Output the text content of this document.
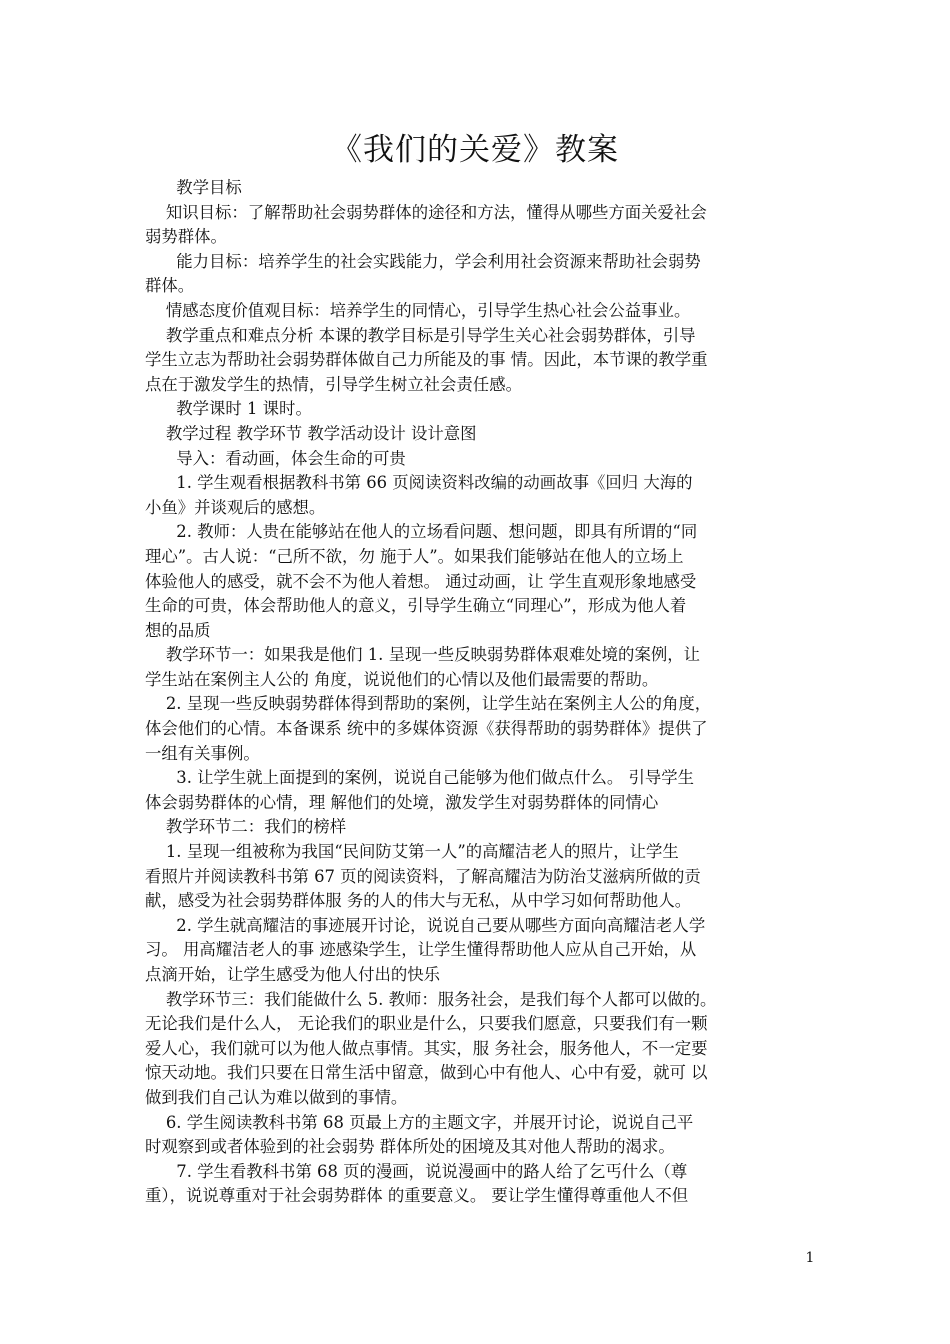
《我们的关爱》教案
教学目标
知识目标：了解帮助社会弱势群体的途径和方法，懂得从哪些方面关爱社会
弱势群体。
能力目标：培养学生的社会实践能力，学会利用社会资源来帮助社会弱势
群体。
情感态度价值观目标：培养学生的同情心，引导学生热心社会公益事业。
教学重点和难点分析 本课的教学目标是引导学生关心社会弱势群体，引导
学生立志为帮助社会弱势群体做自己力所能及的事 情。因此，本节课的教学重
点在于激发学生的热情，引导学生树立社会责任感。
教学课时 1 课时。
教学过程 教学环节 教学活动设计 设计意图
导入：看动画，体会生命的可贵
1. 学生观看根据教科书第 66 页阅读资料改编的动画故事《回归 大海的
小鱼》并谈观后的感想。
2. 教师：人贵在能够站在他人的立场看问题、想问题，即具有所谓的“同
理心”。古人说：“己所不欲，勿 施于人”。如果我们能够站在他人的立场上
体验他人的感受，就不会不为他人着想。 通过动画，让 学生直观形象地感受
生命的可贵，体会帮助他人的意义，引导学生确立“同理心”，形成为他人着
想的品质
教学环节一：如果我是他们 1. 呈现一些反映弱势群体艰难处境的案例，让
学生站在案例主人公的 角度，说说他们的心情以及他们最需要的帮助。
2. 呈现一些反映弱势群体得到帮助的案例，让学生站在案例主人公的角度，
体会他们的心情。本备课系 统中的多媒体资源《获得帮助的弱势群体》提供了
一组有关事例。
3. 让学生就上面提到的案例，说说自己能够为他们做点什么。 引导学生
体会弱势群体的心情，理 解他们的处境，激发学生对弱势群体的同情心
教学环节二：我们的榜样
1. 呈现一组被称为我国“民间防艾第一人”的高耀洁老人的照片，让学生
看照片并阅读教科书第 67 页的阅读资料，了解高耀洁为防治艾滋病所做的贡
献，感受为社会弱势群体服 务的人的伟大与无私，从中学习如何帮助他人。
2. 学生就高耀洁的事迹展开讨论，说说自己要从哪些方面向高耀洁老人学
习。 用高耀洁老人的事 迹感染学生，让学生懂得帮助他人应从自己开始，从
点滴开始，让学生感受为他人付出的快乐
教学环节三：我们能做什么 5. 教师：服务社会，是我们每个人都可以做的。
无论我们是什么人， 无论我们的职业是什么，只要我们愿意，只要我们有一颗
爱人心，我们就可以为他人做点事情。其实，服 务社会，服务他人，不一定要
惊天动地。我们只要在日常生活中留意，做到心中有他人、心中有爱，就可 以
做到我们自己认为难以做到的事情。
6. 学生阅读教科书第 68 页最上方的主题文字，并展开讨论，说说自己平
时观察到或者体验到的社会弱势 群体所处的困境及其对他人帮助的渴求。
7. 学生看教科书第 68 页的漫画，说说漫画中的路人给了乞丐什么（尊
重），说说尊重对于社会弱势群体 的重要意义。 要让学生懂得尊重他人不但
1
